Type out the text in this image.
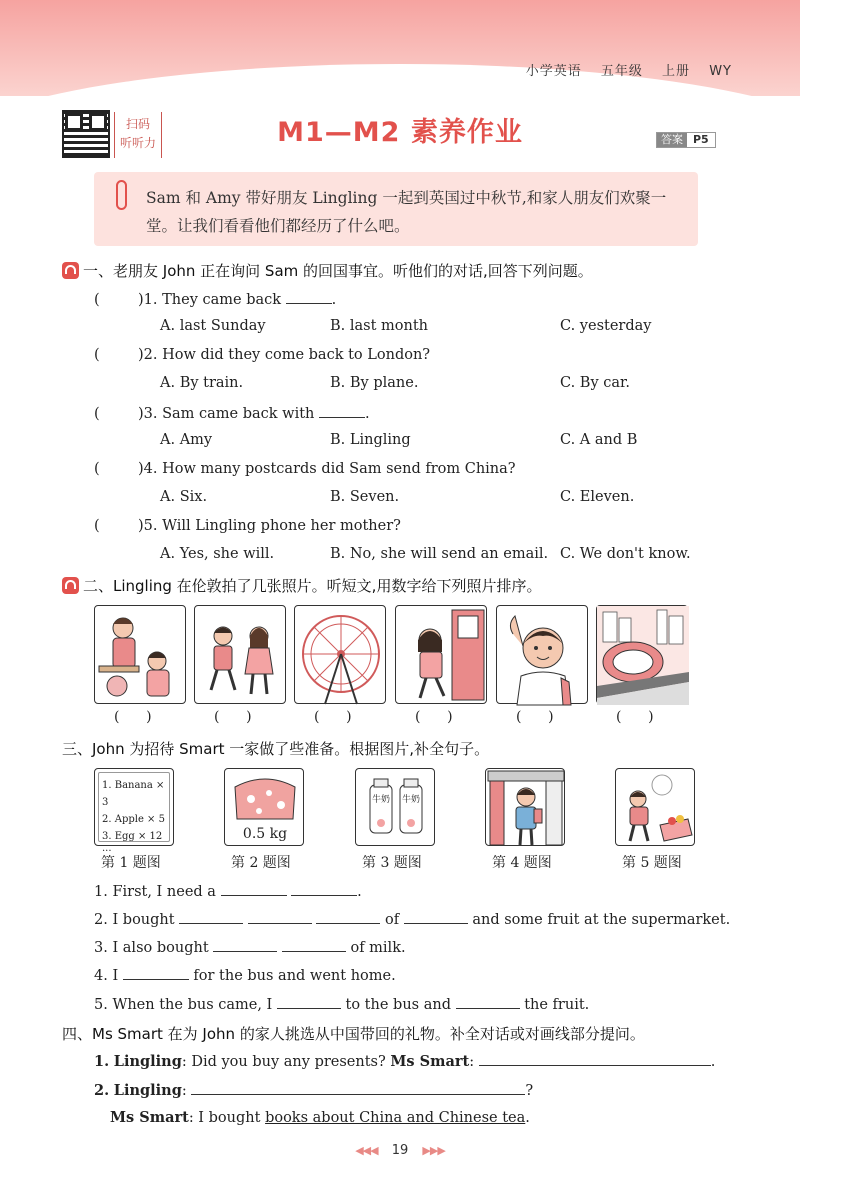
小学英语 五年级 上册 WY
扫码
听听力	M1—M2 素养作业	答案 P5
Sam 和 Amy 带好朋友 Lingling 一起到英国过中秋节,和家人朋友们欢聚一堂。让我们看看他们都经历了什么吧。
一、老朋友 John 正在询问 Sam 的回国事宜。听他们的对话,回答下列问题。
(	)1. They came back	.
A. last Sunday	B. last month	C. yesterday
(	)2. How did they come back to London?
A. By train.	B. By plane.	C. By car.
(	)3. Sam came back with	.
A. Amy	B. Lingling	C. A and B
(	)4. How many postcards did Sam send from China?
A. Six.	B. Seven.	C. Eleven.
(	)5. Will Lingling phone her mother?
A. Yes, she will.	B. No, she will send an email. C. We don't know.
二、Lingling 在伦敦拍了几张照片。听短文,用数字给下列照片排序。
(      )	(      )	(      )	(      )	(      )	(      )
三、John 为招待 Smart 一家做了些准备。根据图片,补全句子。
1. Banana × 3
2. Apple × 5
3. Egg × 12
...
0.5 kg
牛奶 牛奶
第 1 题图	第 2 题图	第 3 题图	第 4 题图	第 5 题图
1. First, I need a	.
2. I bought	of	and some fruit at the supermarket.
3. I also bought	of milk.
4. I	for the bus and went home.
5. When the bus came, I	to the bus and	the fruit.
四、Ms Smart 在为 John 的家人挑选从中国带回的礼物。补全对话或对画线部分提问。
1. Lingling: Did you buy any presents? Ms Smart:	.
2. Lingling:	?
Ms Smart: I bought books about China and Chinese tea.
◀◀◀ 19 ▶▶▶
